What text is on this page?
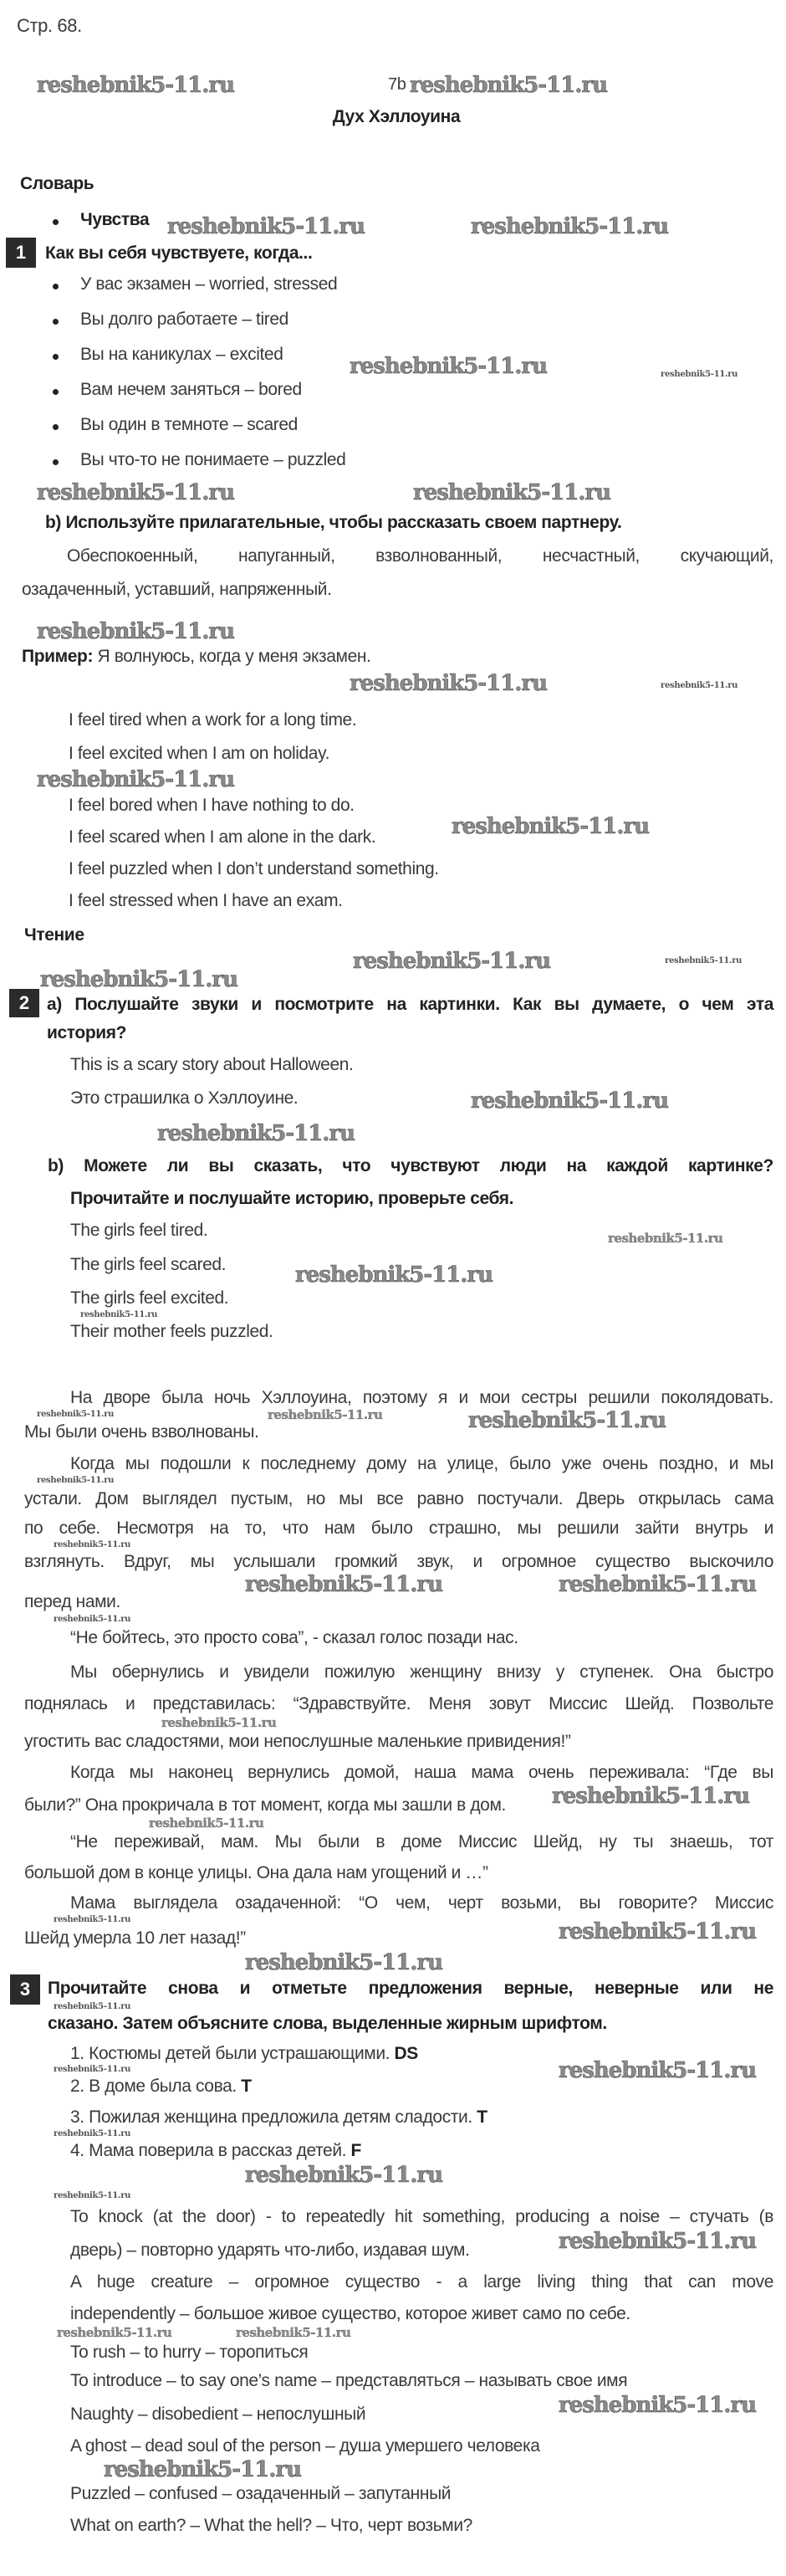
Стр. 68.
7b
Дух Хэллоуина
Словарь
Чувства
1	Как вы себя чувствуете, когда...
У вас экзамен – worried, stressed
Вы долго работаете – tired
Вы на каникулах – excited
Вам нечем заняться – bored
Вы один в темноте – scared
Вы что-то не понимаете – puzzled
b) Используйте прилагательные, чтобы рассказать своем партнеру.
Обеспокоенный, напуганный, взволнованный, несчастный, скучающий,
озадаченный, уставший, напряженный.
Пример: Я волнуюсь, когда у меня экзамен.
I feel tired when a work for a long time.
I feel excited when I am on holiday.
I feel bored when I have nothing to do.
I feel scared when I am alone in the dark.
I feel puzzled when I don’t understand something.
I feel stressed when I have an exam.
Чтение
2 a) Послушайте звуки и посмотрите на картинки. Как вы думаете, о чем эта
история?
This is a scary story about Halloween.
Это страшилка о Хэллоуине.
b) Можете ли вы сказать, что чувствуют люди на каждой картинке?
Прочитайте и послушайте историю, проверьте себя.
The girls feel tired.
The girls feel scared.
The girls feel excited.
Their mother feels puzzled.
На дворе была ночь Хэллоуина, поэтому я и мои сестры решили поколядовать.
Мы были очень взволнованы.
Когда мы подошли к последнему дому на улице, было уже очень поздно, и мы
устали. Дом выглядел пустым, но мы все равно постучали. Дверь открылась сама
по себе. Несмотря на то, что нам было страшно, мы решили зайти внутрь и
взглянуть. Вдруг, мы услышали громкий звук, и огромное существо выскочило
перед нами.
“Не бойтесь, это просто сова”, - сказал голос позади нас.
Мы обернулись и увидели пожилую женщину внизу у ступенек. Она быстро
поднялась и представилась: “Здравствуйте. Меня зовут Миссис Шейд. Позвольте
угостить вас сладостями, мои непослушные маленькие привидения!”
Когда мы наконец вернулись домой, наша мама очень переживала: “Где вы
были?” Она прокричала в тот момент, когда мы зашли в дом.
“Не переживай, мам. Мы были в доме Миссис Шейд, ну ты знаешь, тот
большой дом в конце улицы. Она дала нам угощений и …”
Мама выглядела озадаченной: “О чем, черт возьми, вы говорите? Миссис
Шейд умерла 10 лет назад!”
3 Прочитайте снова и отметьте предложения верные, неверные или не
сказано. Затем объясните слова, выделенные жирным шрифтом.
1. Костюмы детей были устрашающими. DS
2. В доме была сова. T
3. Пожилая женщина предложила детям сладости. T
4. Мама поверила в рассказ детей. F
To knock (at the door) - to repeatedly hit something, producing a noise – стучать (в
дверь) – повторно ударять что-либо, издавая шум.
A huge creature – огромное существо - a large living thing that can move
independently – большое живое существо, которое живет само по себе.
To rush – to hurry – торопиться
To introduce – to say one’s name – представляться – называть свое имя
Naughty – disobedient – непослушный
A ghost – dead soul of the person – душа умершего человека
Puzzled – confused – озадаченный – запутанный
What on earth? – What the hell? – Что, черт возьми?
reshebnik5-11.ru	reshebnik5-11.ru
reshebnik5-11.ru	reshebnik5-11.ru
reshebnik5-11.ru	reshebnik5-11.ru
reshebnik5-11.ru	reshebnik5-11.ru
reshebnik5-11.ru
reshebnik5-11.ru	reshebnik5-11.ru
reshebnik5-11.ru
reshebnik5-11.ru
reshebnik5-11.ru	reshebnik5-11.ru
reshebnik5-11.ru
reshebnik5-11.ru
reshebnik5-11.ru
reshebnik5-11.ru
reshebnik5-11.ru
reshebnik5-11.ru
reshebnik5-11.ru	reshebnik5-11.ru	reshebnik5-11.ru
reshebnik5-11.ru
reshebnik5-11.ru
reshebnik5-11.ru	reshebnik5-11.ru
reshebnik5-11.ru
reshebnik5-11.ru
reshebnik5-11.ru
reshebnik5-11.ru
reshebnik5-11.ru	reshebnik5-11.ru
reshebnik5-11.ru
reshebnik5-11.ru
reshebnik5-11.ru	reshebnik5-11.ru
reshebnik5-11.ru
reshebnik5-11.ru
reshebnik5-11.ru
reshebnik5-11.ru
reshebnik5-11.ru	reshebnik5-11.ru
reshebnik5-11.ru
reshebnik5-11.ru
